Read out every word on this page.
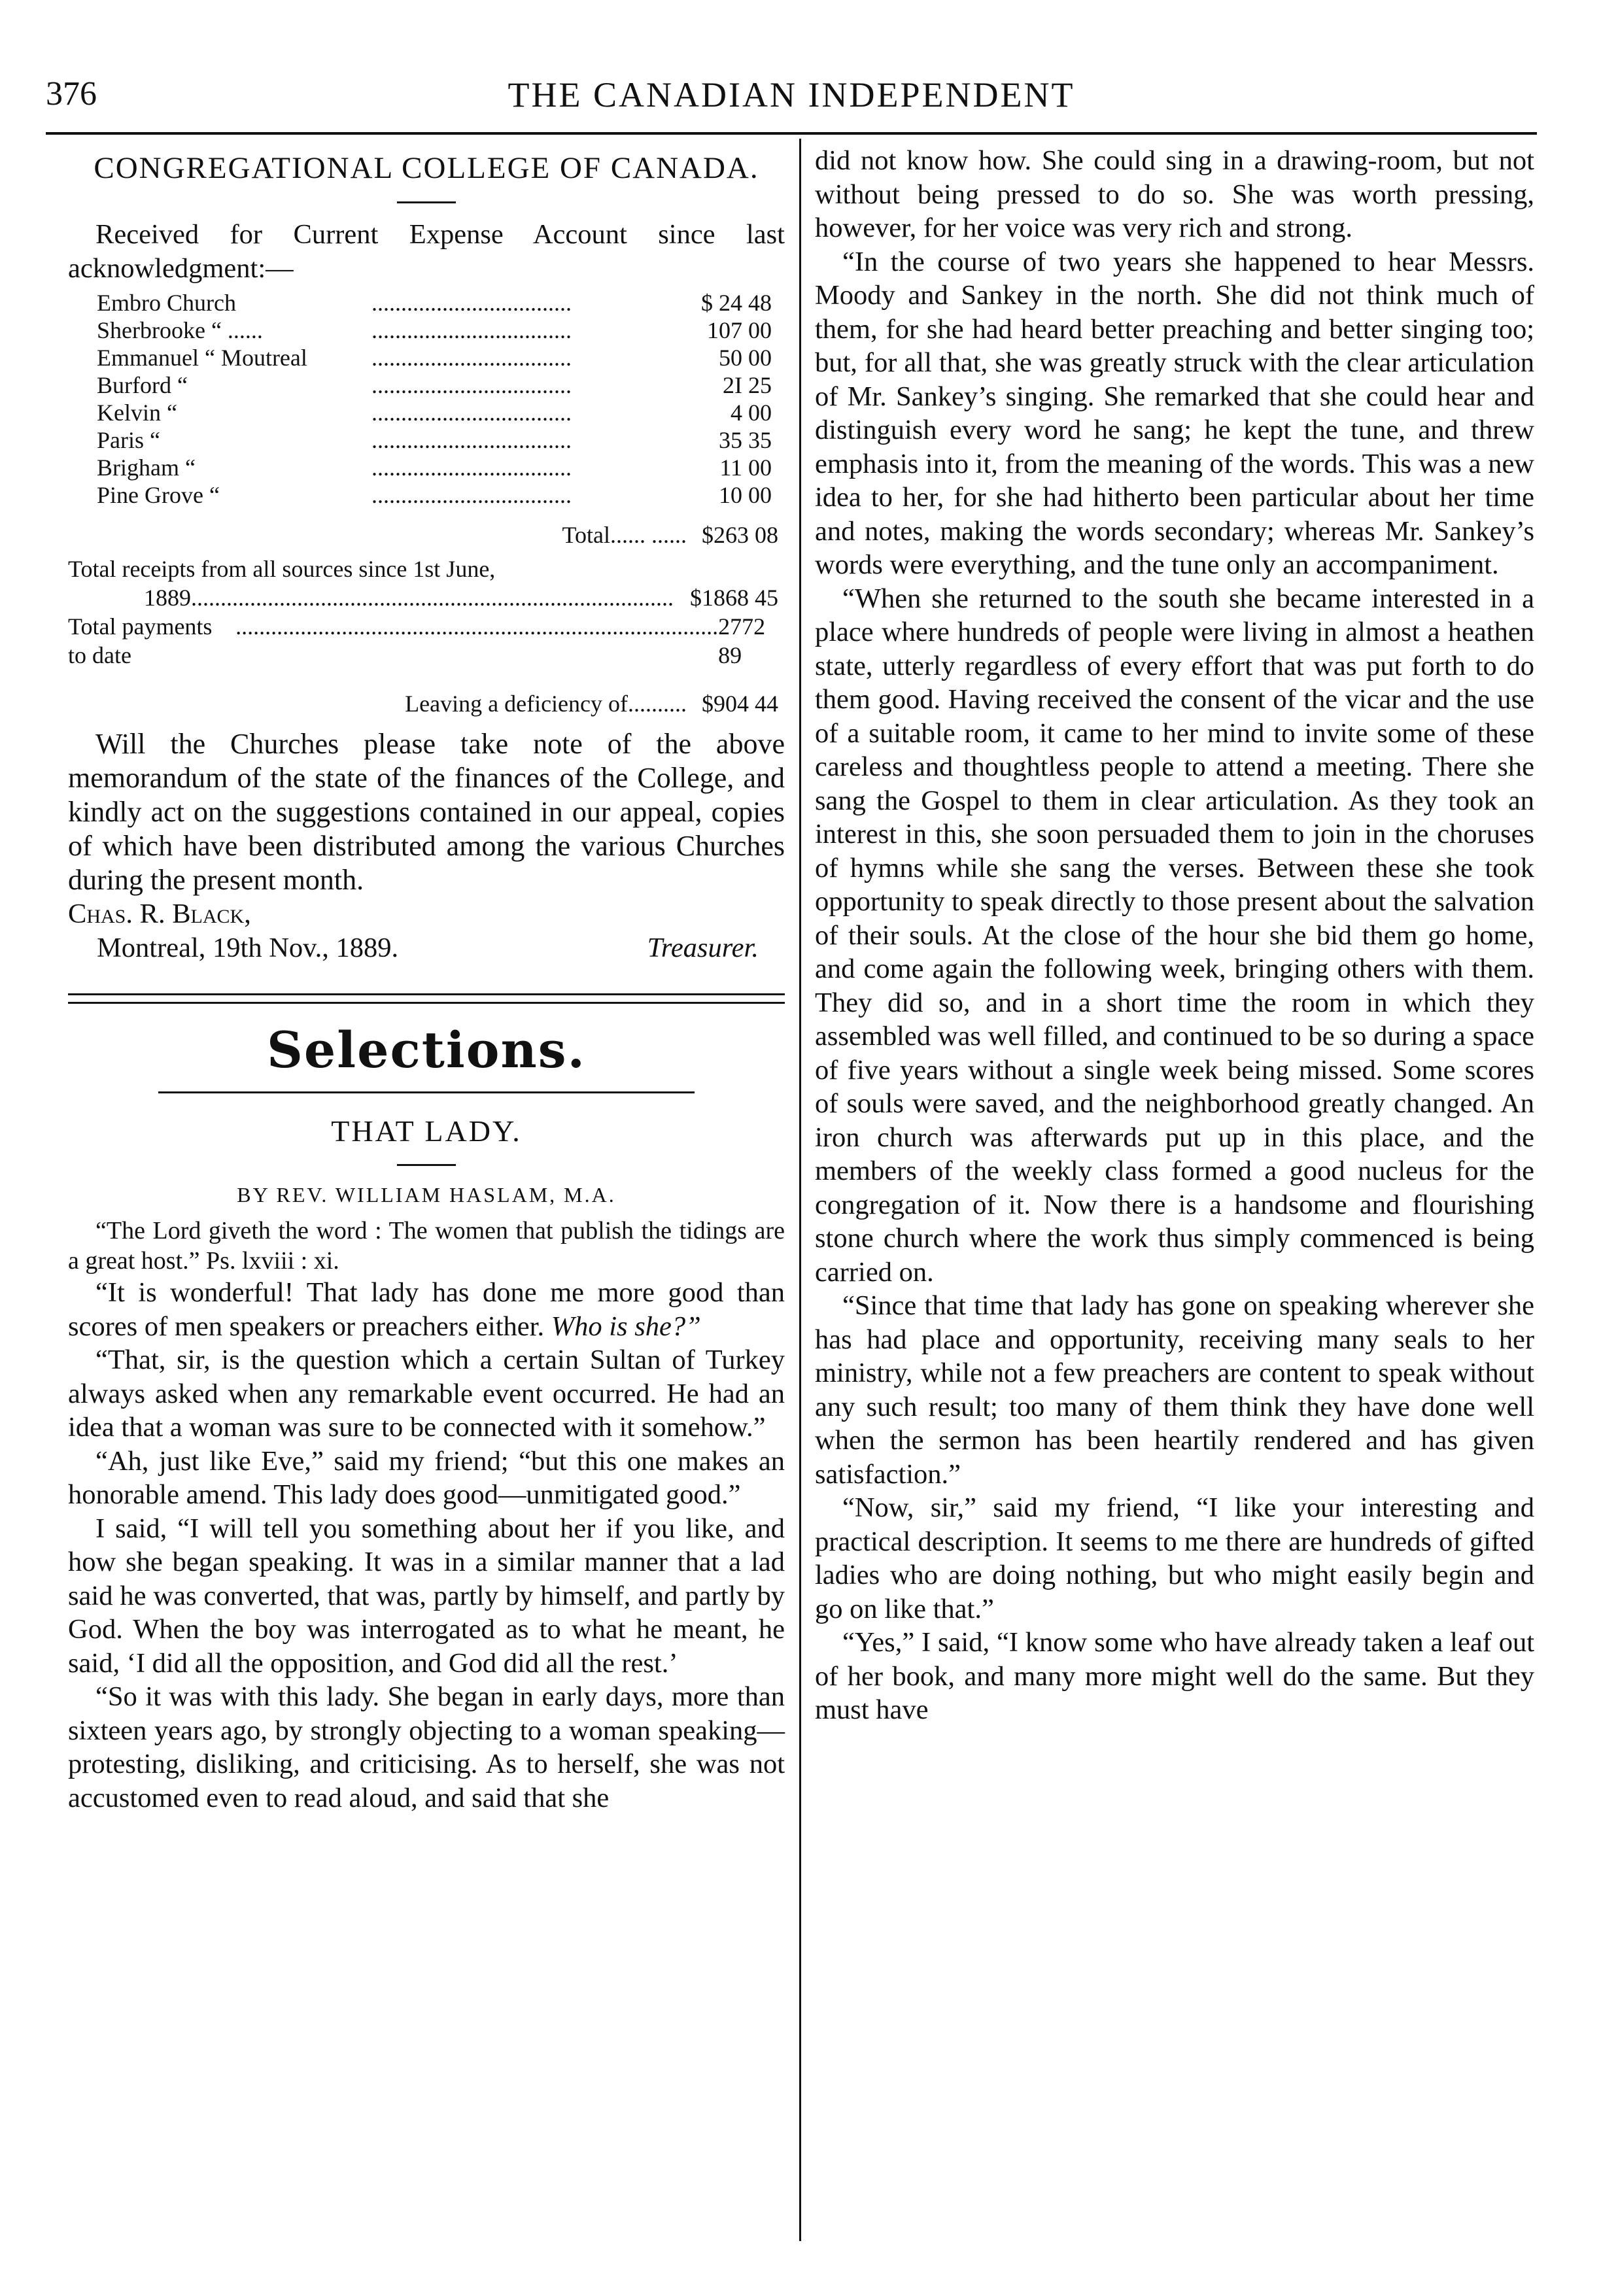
376	THE CANADIAN INDEPENDENT
CONGREGATIONAL COLLEGE OF CANADA.

Received for Current Expense Account since last acknowledgment:—

Embro Church	..................................	$ 24 48
Sherbrooke “ ......	..................................	107 00
Emmanuel “ Moutreal	..................................	50 00
Burford “	..................................	2I 25
Kelvin “	..................................	4 00
Paris “	..................................	35 35
Brigham “	..................................	11 00
Pine Grove “	..................................	10 00
Total...... ...... $263 08
Total receipts from all sources since 1st June,
1889 .................................................................................. $1868 45
Total payments to date
.................................................................................. 2772 89
Leaving a deficiency of.......... $904 44

Will the Churches please take note of the above memorandum of the state of the finances of the College, and kindly act on the suggestions contained in our appeal, copies of which have been distributed among the various Churches during the present month.

Chas. R. Black,

Montreal, 19th Nov., 1889.	Treasurer.

Selections.
THAT LADY.
BY REV. WILLIAM HASLAM, M.A.

“The Lord giveth the word : The women that publish the tidings are a great host.” Ps. lxviii : xi.

“It is wonderful! That lady has done me more good than scores of men speakers or preachers either. Who is she?”

“That, sir, is the question which a certain Sultan of Turkey always asked when any remarkable event occurred. He had an idea that a woman was sure to be connected with it somehow.”

“Ah, just like Eve,” said my friend; “but this one makes an honorable amend. This lady does good—unmitigated good.”

I said, “I will tell you something about her if you like, and how she began speaking. It was in a similar manner that a lad said he was converted, that was, partly by himself, and partly by God. When the boy was interrogated as to what he meant, he said, ‘I did all the opposition, and God did all the rest.’

“So it was with this lady. She began in early days, more than sixteen years ago, by strongly objecting to a woman speaking—protesting, disliking, and criticising. As to herself, she was not accustomed even to read aloud, and said that she

did not know how. She could sing in a drawing-room, but not without being pressed to do so. She was worth pressing, however, for her voice was very rich and strong.

“In the course of two years she happened to hear Messrs. Moody and Sankey in the north. She did not think much of them, for she had heard better preaching and better singing too; but, for all that, she was greatly struck with the clear articulation of Mr. Sankey’s singing. She remarked that she could hear and distinguish every word he sang; he kept the tune, and threw emphasis into it, from the meaning of the words. This was a new idea to her, for she had hitherto been particular about her time and notes, making the words secondary; whereas Mr. Sankey’s words were everything, and the tune only an accompaniment.

“When she returned to the south she became interested in a place where hundreds of people were living in almost a heathen state, utterly regardless of every effort that was put forth to do them good. Having received the consent of the vicar and the use of a suitable room, it came to her mind to invite some of these careless and thoughtless people to attend a meeting. There she sang the Gospel to them in clear articulation. As they took an interest in this, she soon persuaded them to join in the choruses of hymns while she sang the verses. Between these she took opportunity to speak directly to those present about the salvation of their souls. At the close of the hour she bid them go home, and come again the following week, bringing others with them. They did so, and in a short time the room in which they assembled was well filled, and continued to be so during a space of five years without a single week being missed. Some scores of souls were saved, and the neighborhood greatly changed. An iron church was afterwards put up in this place, and the members of the weekly class formed a good nucleus for the congregation of it. Now there is a handsome and flourishing stone church where the work thus simply commenced is being carried on.

“Since that time that lady has gone on speaking wherever she has had place and opportunity, receiving many seals to her ministry, while not a few preachers are content to speak without any such result; too many of them think they have done well when the sermon has been heartily rendered and has given satisfaction.”

“Now, sir,” said my friend, “I like your interesting and practical description. It seems to me there are hundreds of gifted ladies who are doing nothing, but who might easily begin and go on like that.”

“Yes,” I said, “I know some who have already taken a leaf out of her book, and many more might well do the same. But they must have
